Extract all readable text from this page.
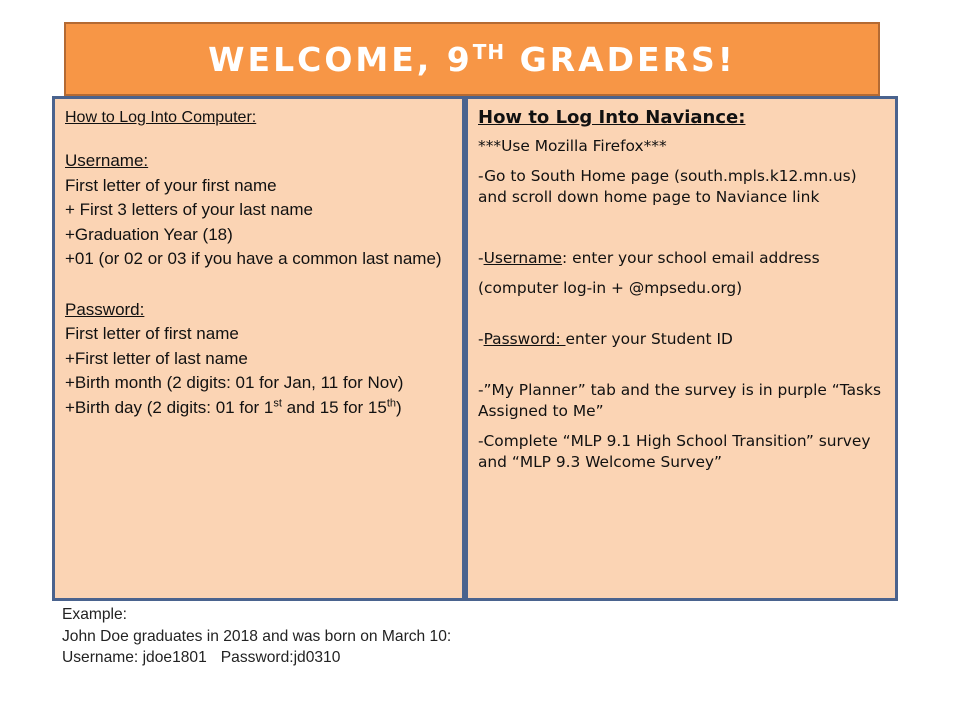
WELCOME, 9TH GRADERS!

How to Log Into Computer:

Username:

First letter of your first name

+ First 3 letters of your last name

+Graduation Year (18)

+01 (or 02 or 03 if you have a common last name)

Password:

First letter of first name

+First letter of last name

+Birth month (2 digits: 01 for Jan, 11 for Nov)

+Birth day (2 digits: 01 for 1st and 15 for 15th)

How to Log Into Naviance:

***Use Mozilla Firefox***

-Go to South Home page (south.mpls.k12.mn.us) and scroll down home page to Naviance link

-Username: enter your school email address

(computer log-in + @mpsedu.org)

-Password: enter your Student ID

-”My Planner” tab and the survey is in purple “Tasks Assigned to Me”

-Complete “MLP 9.1 High School Transition” survey and “MLP 9.3 Welcome Survey”

Example:

John Doe graduates in 2018 and was born on March 10:

Username: jdoe1801 Password:jd0310
